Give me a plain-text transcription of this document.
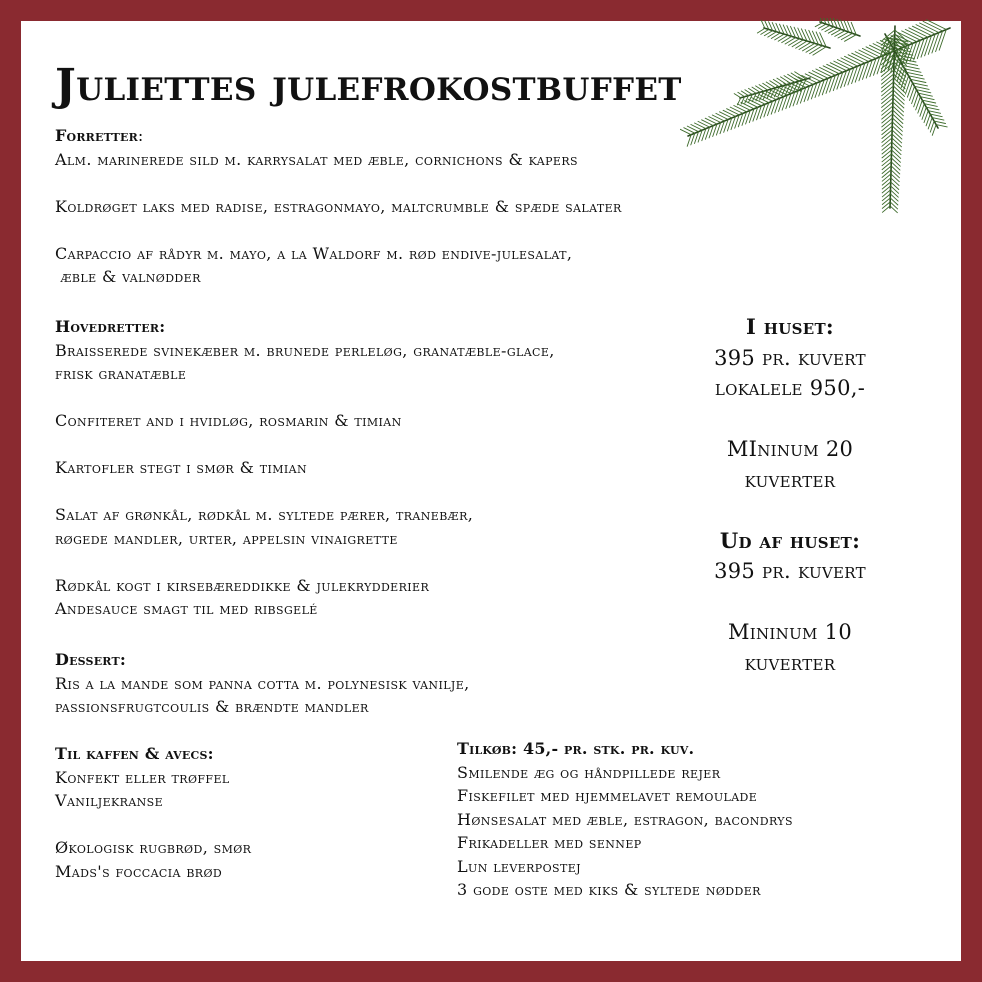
Juliettes julefrokostbuffet
Forretter:
Alm. marinerede sild m. karrysalat med æble, cornichons & kapers
Koldrøget laks med radise, estragonmayo, maltcrumble & spæde salater
Carpaccio af rådyr m. mayo, a la Waldorf m. rød endive-julesalat,
æble & valnødder
Hovedretter:
Braisserede svinekæber m. brunede perleløg, granatæble-glace,
frisk granatæble
Confiteret and i hvidløg, rosmarin & timian
Kartofler stegt i smør & timian
Salat af grønkål, rødkål m. syltede pærer, tranebær,
røgede mandler, urter, appelsin vinaigrette
Rødkål kogt i kirsebæreddikke & julekrydderier
Andesauce smagt til med ribsgelé
Dessert:
Ris a la mande som panna cotta m. polynesisk vanilje,
passionsfrugtcoulis & brændte mandler
Til kaffen & avecs:
Konfekt eller trøffel
Vaniljekranse
Økologisk rugbrød, smør
Mads's foccacia brød
Tilkøb: 45,- pr. stk. pr. kuv.
Smilende æg og håndpillede rejer
Fiskefilet med hjemmelavet remoulade
Hønsesalat med æble, estragon, bacondrys
Frikadeller med sennep
Lun leverpostej
3 gode oste med kiks & syltede nødder
I huset:
395 pr. kuvert
lokalele 950,-
MIninum 20
kuverter
Ud af huset:
395 pr. kuvert
Mininum 10
kuverter
